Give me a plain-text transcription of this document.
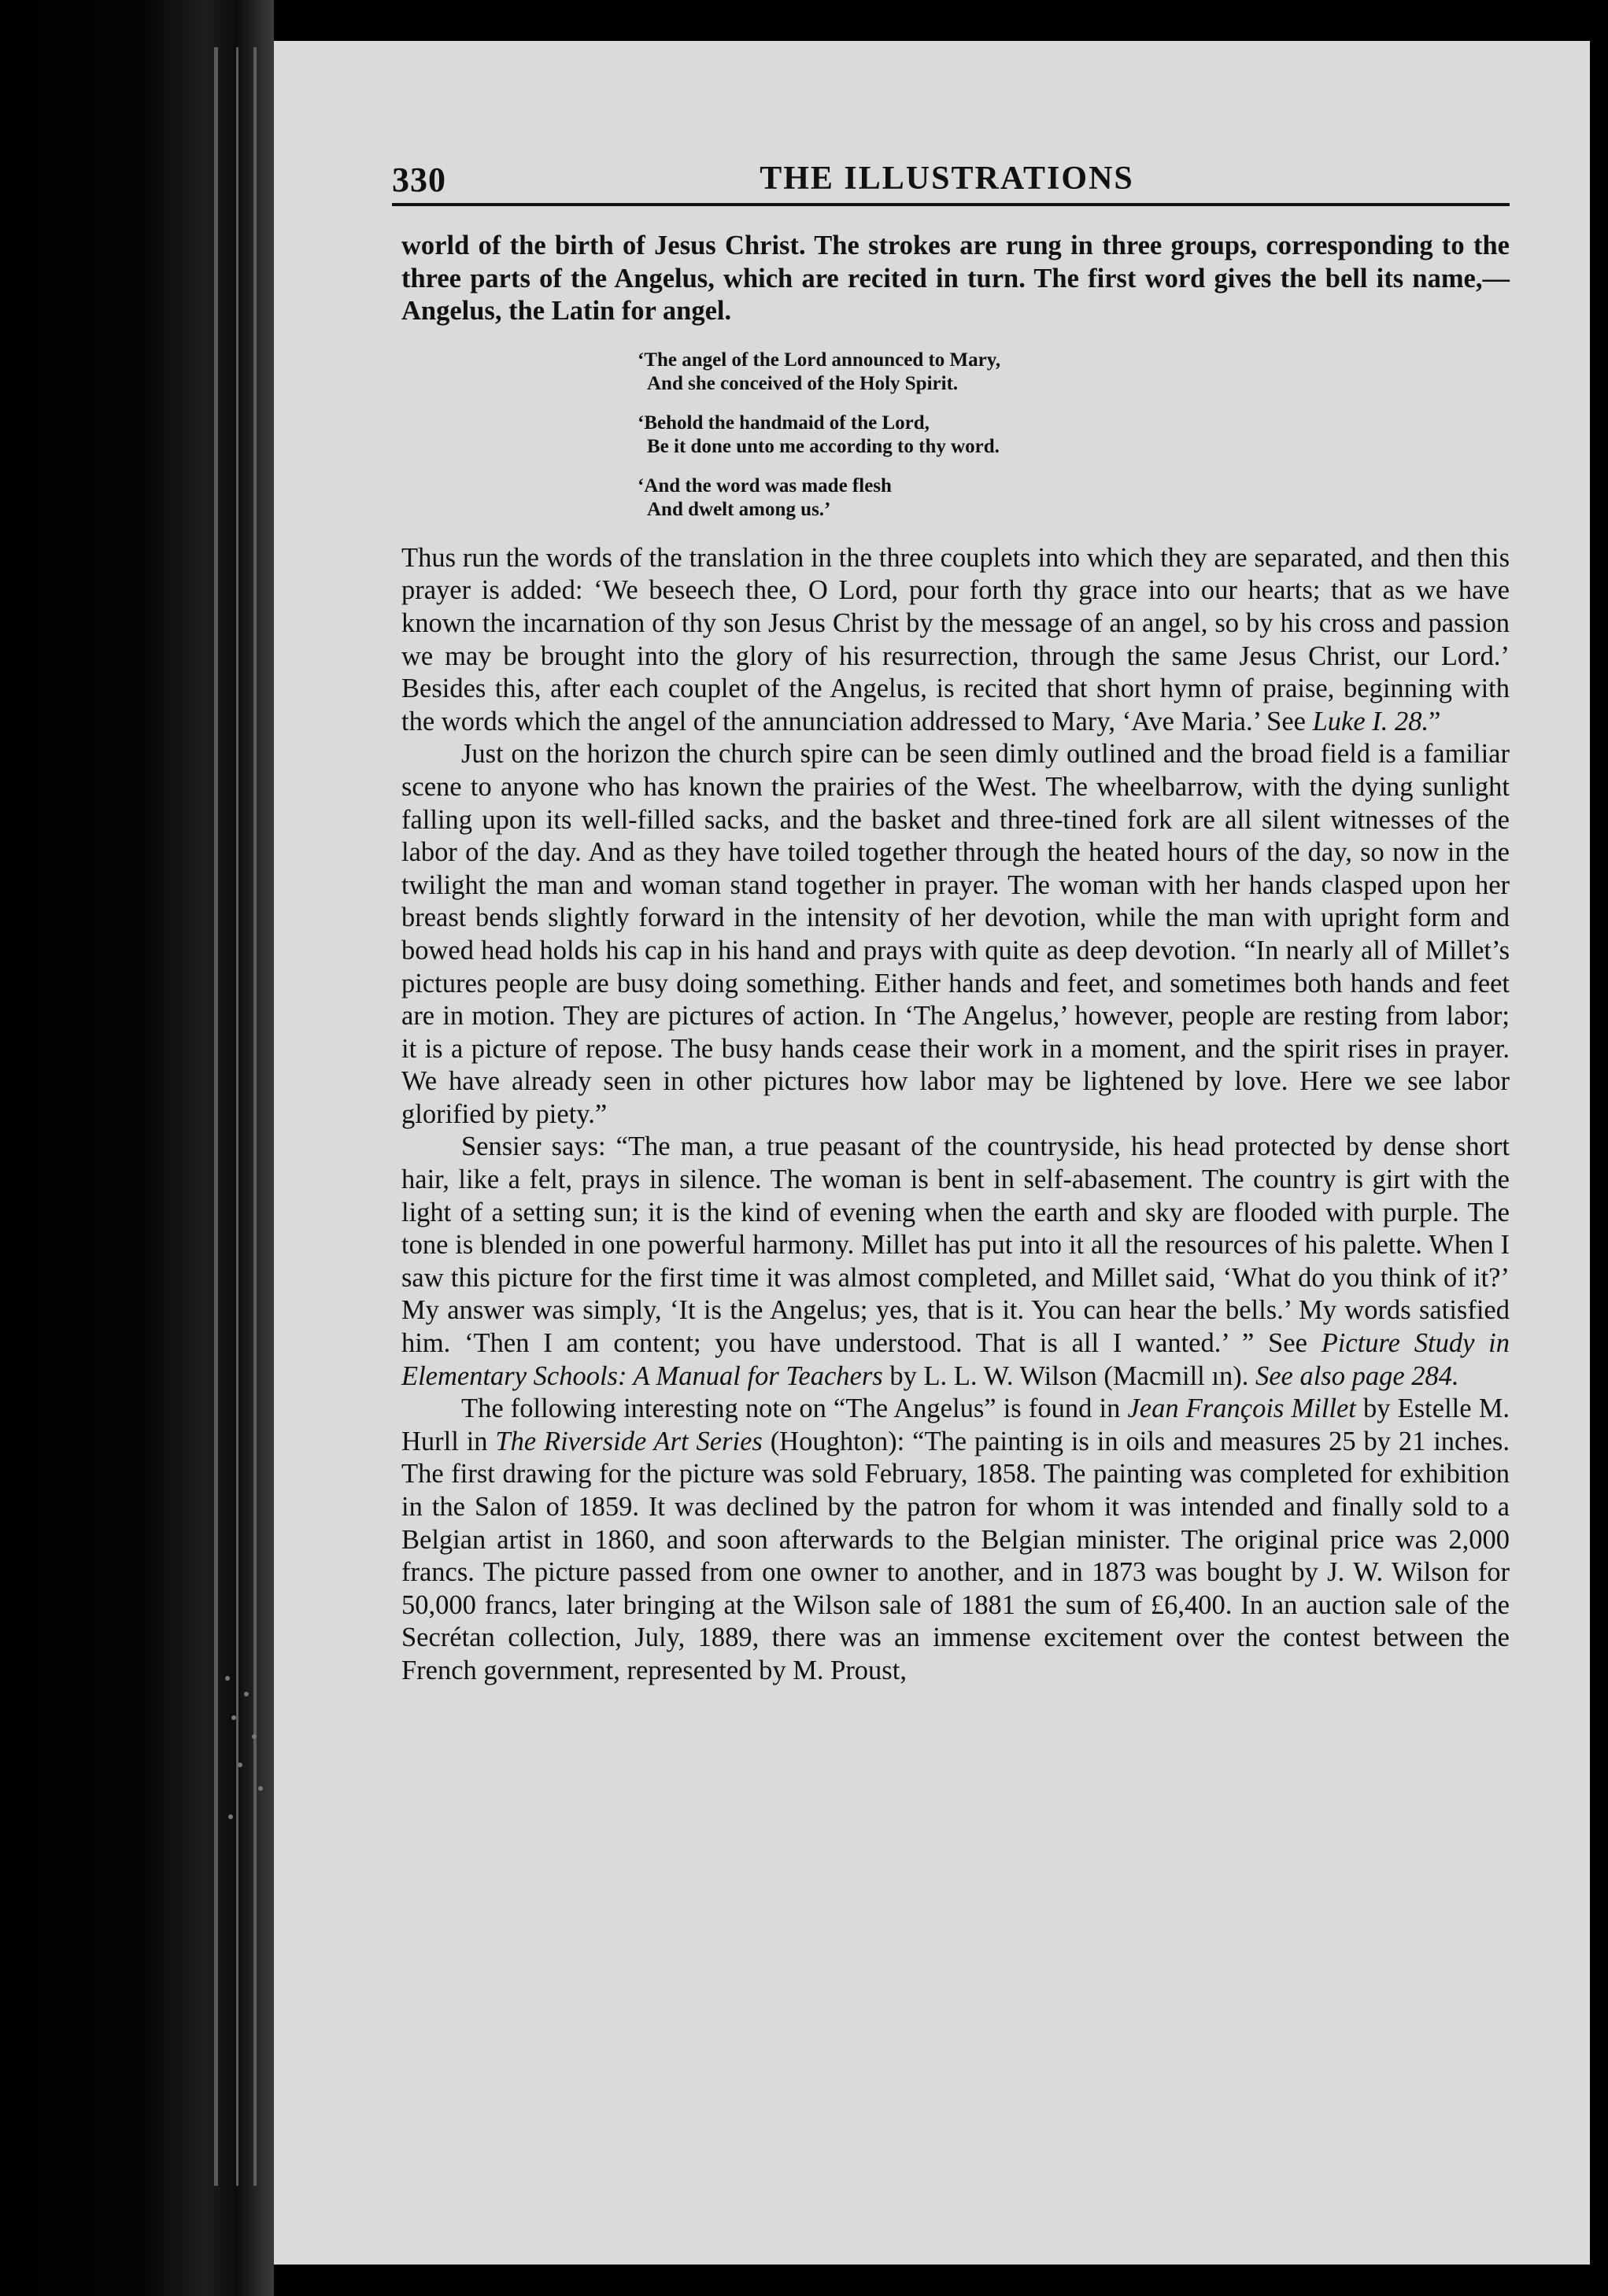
330	THE ILLUSTRATIONS

world of the birth of Jesus Christ. The strokes are rung in three groups, corresponding to the three parts of the Angelus, which are recited in turn. The first word gives the bell its name,—Angelus, the Latin for angel.

‘The angel of the Lord announced to Mary,
And she conceived of the Holy Spirit.
‘Behold the handmaid of the Lord,
Be it done unto me according to thy word.
‘And the word was made flesh
And dwelt among us.’

Thus run the words of the translation in the three couplets into which they are separated, and then this prayer is added: ‘We beseech thee, O Lord, pour forth thy grace into our hearts; that as we have known the incarnation of thy son Jesus Christ by the message of an angel, so by his cross and passion we may be brought into the glory of his resurrection, through the same Jesus Christ, our Lord.’ Besides this, after each couplet of the Angelus, is recited that short hymn of praise, beginning with the words which the angel of the annunciation addressed to Mary, ‘Ave Maria.’ See Luke I. 28.”

Just on the horizon the church spire can be seen dimly outlined and the broad field is a familiar scene to anyone who has known the prairies of the West. The wheelbarrow, with the dying sunlight falling upon its well-filled sacks, and the basket and three-tined fork are all silent witnesses of the labor of the day. And as they have toiled together through the heated hours of the day, so now in the twilight the man and woman stand together in prayer. The woman with her hands clasped upon her breast bends slightly forward in the intensity of her devotion, while the man with upright form and bowed head holds his cap in his hand and prays with quite as deep devotion. “In nearly all of Millet’s pictures people are busy doing something. Either hands and feet, and sometimes both hands and feet are in motion. They are pictures of action. In ‘The Angelus,’ however, people are resting from labor; it is a picture of repose. The busy hands cease their work in a moment, and the spirit rises in prayer. We have already seen in other pictures how labor may be lightened by love. Here we see labor glorified by piety.”

Sensier says: “The man, a true peasant of the countryside, his head protected by dense short hair, like a felt, prays in silence. The woman is bent in self-abasement. The country is girt with the light of a setting sun; it is the kind of evening when the earth and sky are flooded with purple. The tone is blended in one powerful harmony. Millet has put into it all the resources of his palette. When I saw this picture for the first time it was almost completed, and Millet said, ‘What do you think of it?’ My answer was simply, ‘It is the Angelus; yes, that is it. You can hear the bells.’ My words satisfied him. ‘Then I am content; you have understood. That is all I wanted.’ ” See Picture Study in Elementary Schools: A Manual for Teachers by L. L. W. Wilson (Macmill ın). See also page 284.

The following interesting note on “The Angelus” is found in Jean François Millet by Estelle M. Hurll in The Riverside Art Series (Houghton): “The painting is in oils and measures 25 by 21 inches. The first drawing for the picture was sold February, 1858. The painting was completed for exhibition in the Salon of 1859. It was declined by the patron for whom it was intended and finally sold to a Belgian artist in 1860, and soon afterwards to the Belgian minister. The original price was 2,000 francs. The picture passed from one owner to another, and in 1873 was bought by J. W. Wilson for 50,000 francs, later bringing at the Wilson sale of 1881 the sum of £6,400. In an auction sale of the Secrétan collection, July, 1889, there was an immense excitement over the contest between the French government, represented by M. Proust,
